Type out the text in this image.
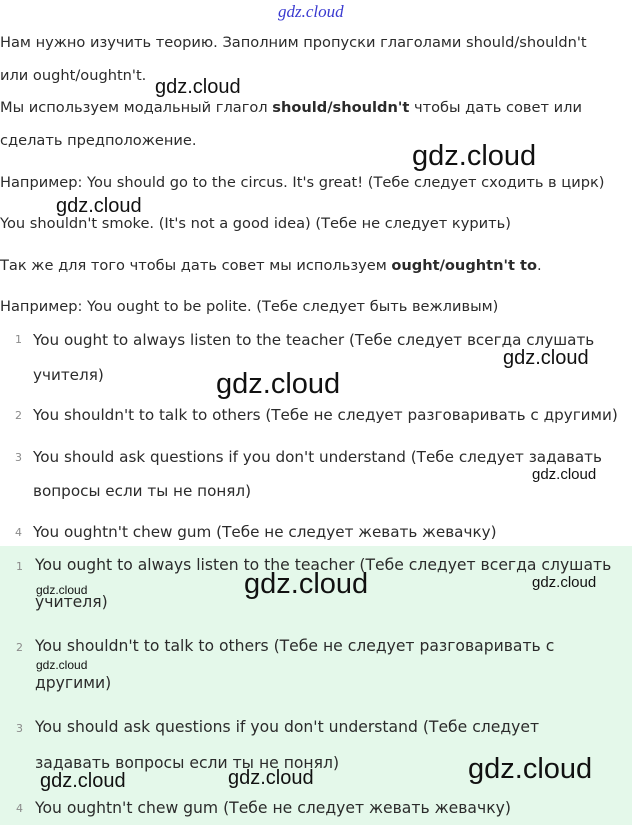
Нам нужно изучить теорию. Заполним пропуски глаголами should/shouldn't
или ought/oughtn't.
Мы используем модальный глагол should/shouldn't чтобы дать совет или
сделать предположение.
Например: You should go to the circus. It's great! (Тебе следует сходить в цирк)
You shouldn't smoke. (It's not a good idea) (Тебе не следует курить)
Так же для того чтобы дать совет мы используем ought/oughtn't to.
Например: You ought to be polite. (Тебе следует быть вежливым)
1 You ought to always listen to the teacher (Тебе следует всегда слушать
учителя)
2 You shouldn't to talk to others (Тебе не следует разговаривать с другими)
3 You should ask questions if you don't understand (Тебе следует задавать
вопросы если ты не понял)
4 You oughtn't chew gum (Тебе не следует жевать жевачку)
1 You ought to always listen to the teacher (Тебе следует всегда слушать
учителя)
2 You shouldn't to talk to others (Тебе не следует разговаривать с
другими)
3 You should ask questions if you don't understand (Тебе следует
задавать вопросы если ты не понял)
4 You oughtn't chew gum (Тебе не следует жевать жевачку)
gdz.cloud
gdz.cloud
gdz.cloud
gdz.cloud
gdz.cloud
gdz.cloud
gdz.cloud
gdz.cloud	gdz.cloud	gdz.cloud
gdz.cloud
gdz.cloud	gdz.cloud	gdz.cloud
